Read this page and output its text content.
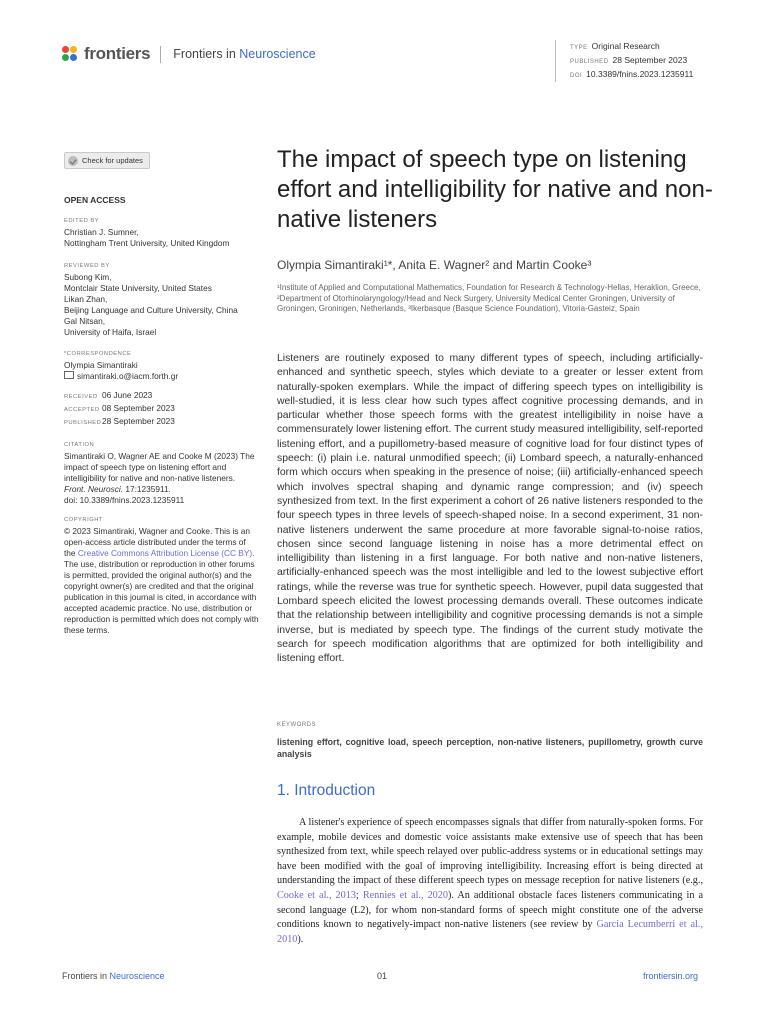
frontiers Frontiers in Neuroscience	TYPE Original Research
PUBLISHED 28 September 2023
DOI 10.3389/fnins.2023.1235911
Check for updates
OPEN ACCESS
EDITED BY
Christian J. Sumner,
Nottingham Trent University, United Kingdom
REVIEWED BY
Subong Kim,
Montclair State University, United States
Likan Zhan,
Beijing Language and Culture University, China
Gal Nitsan,
University of Haifa, Israel
*CORRESPONDENCE
Olympia Simantiraki
simantiraki.o@iacm.forth.gr
RECEIVED 06 June 2023
ACCEPTED 08 September 2023
PUBLISHED28 September 2023
CITATION
Simantiraki O, Wagner AE and Cooke M (2023) The impact of speech type on listening effort and intelligibility for native and non-native listeners. Front. Neurosci. 17:1235911.
doi: 10.3389/fnins.2023.1235911
COPYRIGHT
© 2023 Simantiraki, Wagner and Cooke. This is an open-access article distributed under the terms of the Creative Commons Attribution License (CC BY). The use, distribution or reproduction in other forums is permitted, provided the original author(s) and the copyright owner(s) are credited and that the original publication in this journal is cited, in accordance with accepted academic practice. No use, distribution or reproduction is permitted which does not comply with these terms.
The impact of speech type on listening effort and intelligibility for native and non-native listeners
Olympia Simantiraki¹*, Anita E. Wagner² and Martin Cooke³
¹Institute of Applied and Computational Mathematics, Foundation for Research & Technology-Hellas, Heraklion, Greece, ²Department of Otorhinolaryngology/Head and Neck Surgery, University Medical Center Groningen, University of Groningen, Groningen, Netherlands, ³Ikerbasque (Basque Science Foundation), Vitoria-Gasteiz, Spain

Listeners are routinely exposed to many different types of speech, including artificially-enhanced and synthetic speech, styles which deviate to a greater or lesser extent from naturally-spoken exemplars. While the impact of differing speech types on intelligibility is well-studied, it is less clear how such types affect cognitive processing demands, and in particular whether those speech forms with the greatest intelligibility in noise have a commensurately lower listening effort. The current study measured intelligibility, self-reported listening effort, and a pupillometry-based measure of cognitive load for four distinct types of speech: (i) plain i.e. natural unmodified speech; (ii) Lombard speech, a naturally-enhanced form which occurs when speaking in the presence of noise; (iii) artificially-enhanced speech which involves spectral shaping and dynamic range compression; and (iv) speech synthesized from text. In the first experiment a cohort of 26 native listeners responded to the four speech types in three levels of speech-shaped noise. In a second experiment, 31 non-native listeners underwent the same procedure at more favorable signal-to-noise ratios, chosen since second language listening in noise has a more detrimental effect on intelligibility than listening in a first language. For both native and non-native listeners, artificially-enhanced speech was the most intelligible and led to the lowest subjective effort ratings, while the reverse was true for synthetic speech. However, pupil data suggested that Lombard speech elicited the lowest processing demands overall. These outcomes indicate that the relationship between intelligibility and cognitive processing demands is not a simple inverse, but is mediated by speech type. The findings of the current study motivate the search for speech modification algorithms that are optimized for both intelligibility and listening effort.

KEYWORDS
listening effort, cognitive load, speech perception, non-native listeners, pupillometry, growth curve analysis
1. Introduction

A listener's experience of speech encompasses signals that differ from naturally-spoken forms. For example, mobile devices and domestic voice assistants make extensive use of speech that has been synthesized from text, while speech relayed over public-address systems or in educational settings may have been modified with the goal of improving intelligibility. Increasing effort is being directed at understanding the impact of these different speech types on message reception for native listeners (e.g., Cooke et al., 2013; Rennies et al., 2020). An additional obstacle faces listeners communicating in a second language (L2), for whom non-standard forms of speech might constitute one of the adverse conditions known to negatively-impact non-native listeners (see review by Garcia Lecumberri et al., 2010).

Frontiers in Neuroscience	01	frontiersin.org
